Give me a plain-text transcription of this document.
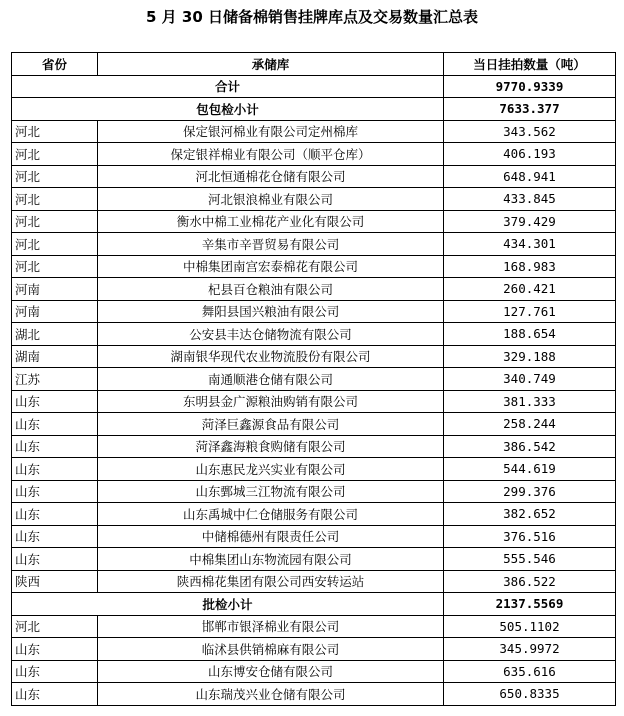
5 月 30 日储备棉销售挂牌库点及交易数量汇总表
省份	承储库	当日挂拍数量（吨）
合计		9770.9339
包包检小计		7633.377
河北	保定银河棉业有限公司定州棉库	343.562
河北	保定银祥棉业有限公司（顺平仓库）	406.193
河北	河北恒通棉花仓储有限公司	648.941
河北	河北银浪棉业有限公司	433.845
河北	衡水中棉工业棉花产业化有限公司	379.429
河北	辛集市辛晋贸易有限公司	434.301
河北	中棉集团南宫宏泰棉花有限公司	168.983
河南	杞县百仓粮油有限公司	260.421
河南	舞阳县国兴粮油有限公司	127.761
湖北	公安县丰达仓储物流有限公司	188.654
湖南	湖南银华现代农业物流股份有限公司	329.188
江苏	南通顺港仓储有限公司	340.749
山东	东明县金广源粮油购销有限公司	381.333
山东	菏泽巨鑫源食品有限公司	258.244
山东	菏泽鑫海粮食购储有限公司	386.542
山东	山东惠民龙兴实业有限公司	544.619
山东	山东鄄城三江物流有限公司	299.376
山东	山东禹城中仁仓储服务有限公司	382.652
山东	中储棉德州有限责任公司	376.516
山东	中棉集团山东物流园有限公司	555.546
陕西	陕西棉花集团有限公司西安转运站	386.522
批检小计		2137.5569
河北	邯郸市银泽棉业有限公司	505.1102
山东	临沭县供销棉麻有限公司	345.9972
山东	山东博安仓储有限公司	635.616
山东	山东瑞茂兴业仓储有限公司	650.8335
